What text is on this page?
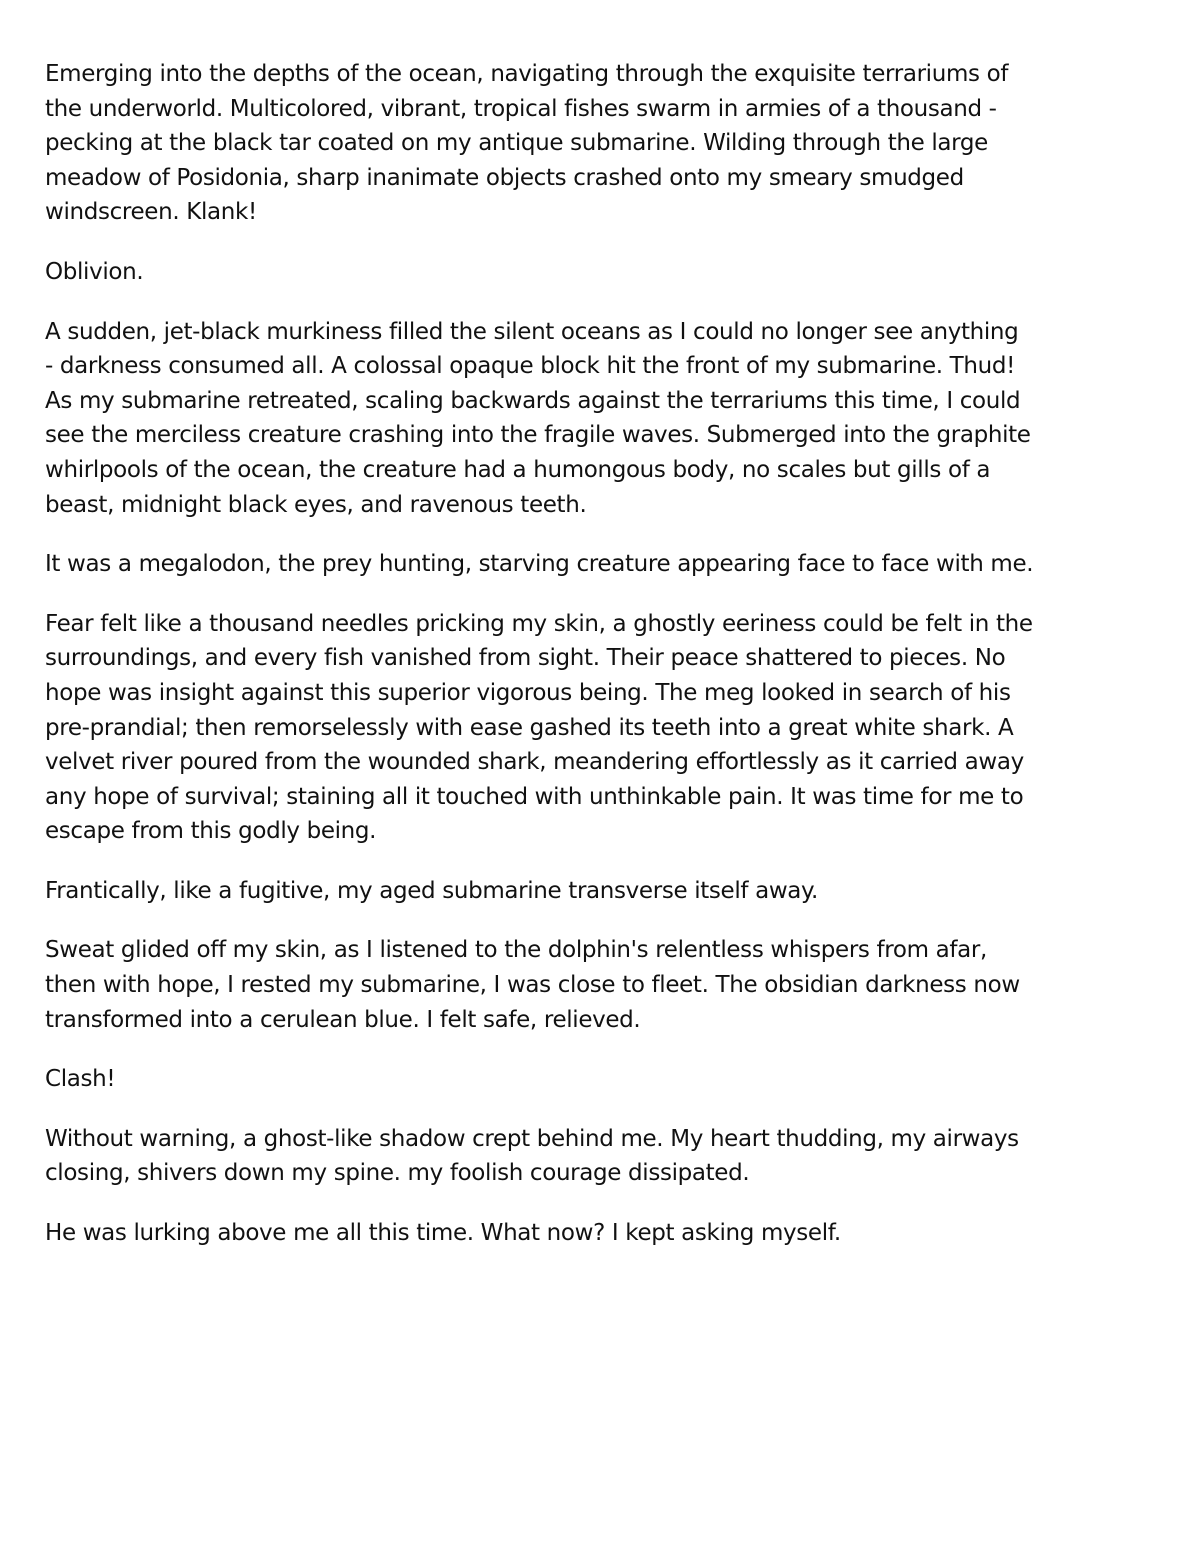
Emerging into the depths of the ocean, navigating through the exquisite terrariums of
the underworld. Multicolored, vibrant, tropical fishes swarm in armies of a thousand -
pecking at the black tar coated on my antique submarine. Wilding through the large
meadow of Posidonia, sharp inanimate objects crashed onto my smeary smudged
windscreen. Klank!

Oblivion.

A sudden, jet-black murkiness filled the silent oceans as I could no longer see anything
- darkness consumed all. A colossal opaque block hit the front of my submarine. Thud!
As my submarine retreated, scaling backwards against the terrariums this time, I could
see the merciless creature crashing into the fragile waves. Submerged into the graphite
whirlpools of the ocean, the creature had a humongous body, no scales but gills of a
beast, midnight black eyes, and ravenous teeth.

It was a megalodon, the prey hunting, starving creature appearing face to face with me.

Fear felt like a thousand needles pricking my skin, a ghostly eeriness could be felt in the
surroundings, and every fish vanished from sight. Their peace shattered to pieces. No
hope was insight against this superior vigorous being. The meg looked in search of his
pre-prandial; then remorselessly with ease gashed its teeth into a great white shark. A
velvet river poured from the wounded shark, meandering effortlessly as it carried away
any hope of survival; staining all it touched with unthinkable pain. It was time for me to
escape from this godly being.

Frantically, like a fugitive, my aged submarine transverse itself away.

Sweat glided off my skin, as I listened to the dolphin's relentless whispers from afar,
then with hope, I rested my submarine, I was close to fleet. The obsidian darkness now
transformed into a cerulean blue. I felt safe, relieved.

Clash!

Without warning, a ghost-like shadow crept behind me. My heart thudding, my airways
closing, shivers down my spine. my foolish courage dissipated.

He was lurking above me all this time. What now? I kept asking myself.
